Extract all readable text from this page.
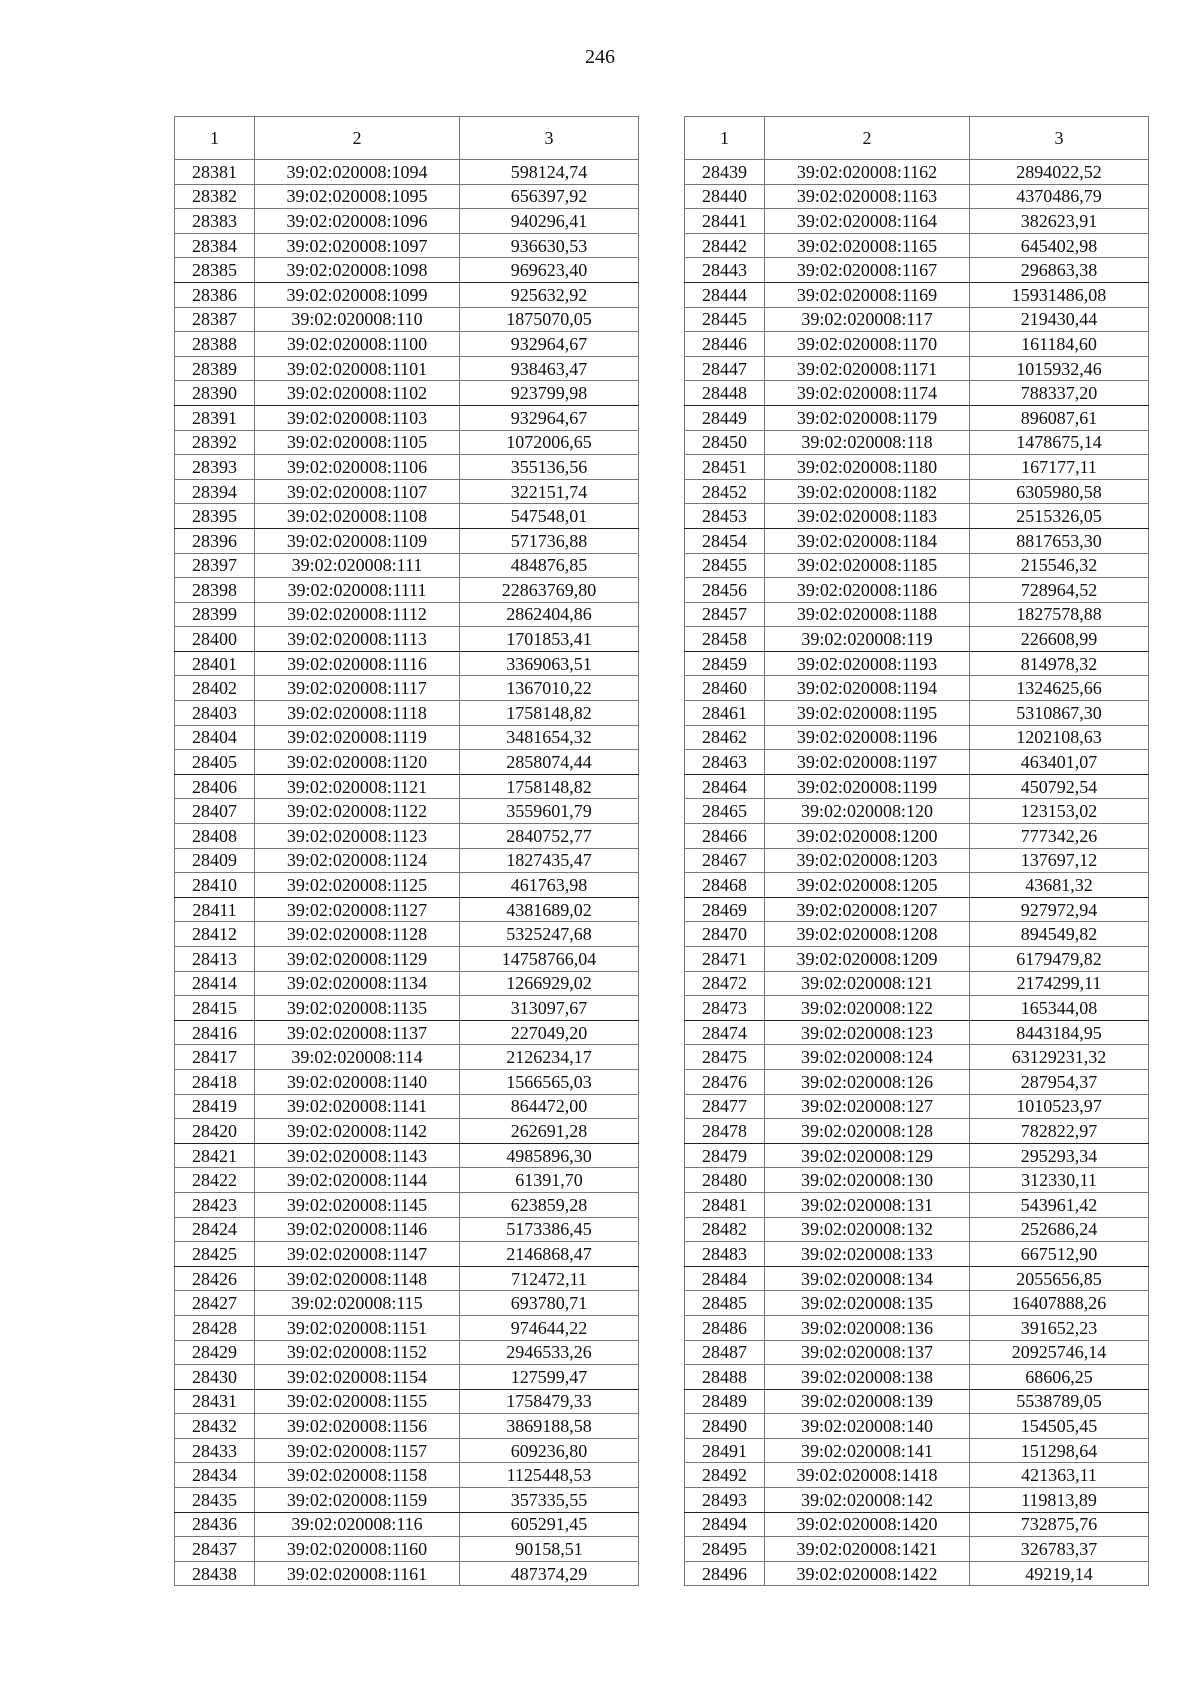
246
1	2	3
28381	39:02:020008:1094	598124,74
28382	39:02:020008:1095	656397,92
28383	39:02:020008:1096	940296,41
28384	39:02:020008:1097	936630,53
28385	39:02:020008:1098	969623,40
28386	39:02:020008:1099	925632,92
28387	39:02:020008:110	1875070,05
28388	39:02:020008:1100	932964,67
28389	39:02:020008:1101	938463,47
28390	39:02:020008:1102	923799,98
28391	39:02:020008:1103	932964,67
28392	39:02:020008:1105	1072006,65
28393	39:02:020008:1106	355136,56
28394	39:02:020008:1107	322151,74
28395	39:02:020008:1108	547548,01
28396	39:02:020008:1109	571736,88
28397	39:02:020008:111	484876,85
28398	39:02:020008:1111	22863769,80
28399	39:02:020008:1112	2862404,86
28400	39:02:020008:1113	1701853,41
28401	39:02:020008:1116	3369063,51
28402	39:02:020008:1117	1367010,22
28403	39:02:020008:1118	1758148,82
28404	39:02:020008:1119	3481654,32
28405	39:02:020008:1120	2858074,44
28406	39:02:020008:1121	1758148,82
28407	39:02:020008:1122	3559601,79
28408	39:02:020008:1123	2840752,77
28409	39:02:020008:1124	1827435,47
28410	39:02:020008:1125	461763,98
28411	39:02:020008:1127	4381689,02
28412	39:02:020008:1128	5325247,68
28413	39:02:020008:1129	14758766,04
28414	39:02:020008:1134	1266929,02
28415	39:02:020008:1135	313097,67
28416	39:02:020008:1137	227049,20
28417	39:02:020008:114	2126234,17
28418	39:02:020008:1140	1566565,03
28419	39:02:020008:1141	864472,00
28420	39:02:020008:1142	262691,28
28421	39:02:020008:1143	4985896,30
28422	39:02:020008:1144	61391,70
28423	39:02:020008:1145	623859,28
28424	39:02:020008:1146	5173386,45
28425	39:02:020008:1147	2146868,47
28426	39:02:020008:1148	712472,11
28427	39:02:020008:115	693780,71
28428	39:02:020008:1151	974644,22
28429	39:02:020008:1152	2946533,26
28430	39:02:020008:1154	127599,47
28431	39:02:020008:1155	1758479,33
28432	39:02:020008:1156	3869188,58
28433	39:02:020008:1157	609236,80
28434	39:02:020008:1158	1125448,53
28435	39:02:020008:1159	357335,55
28436	39:02:020008:116	605291,45
28437	39:02:020008:1160	90158,51
28438	39:02:020008:1161	487374,29
1	2	3
28439	39:02:020008:1162	2894022,52
28440	39:02:020008:1163	4370486,79
28441	39:02:020008:1164	382623,91
28442	39:02:020008:1165	645402,98
28443	39:02:020008:1167	296863,38
28444	39:02:020008:1169	15931486,08
28445	39:02:020008:117	219430,44
28446	39:02:020008:1170	161184,60
28447	39:02:020008:1171	1015932,46
28448	39:02:020008:1174	788337,20
28449	39:02:020008:1179	896087,61
28450	39:02:020008:118	1478675,14
28451	39:02:020008:1180	167177,11
28452	39:02:020008:1182	6305980,58
28453	39:02:020008:1183	2515326,05
28454	39:02:020008:1184	8817653,30
28455	39:02:020008:1185	215546,32
28456	39:02:020008:1186	728964,52
28457	39:02:020008:1188	1827578,88
28458	39:02:020008:119	226608,99
28459	39:02:020008:1193	814978,32
28460	39:02:020008:1194	1324625,66
28461	39:02:020008:1195	5310867,30
28462	39:02:020008:1196	1202108,63
28463	39:02:020008:1197	463401,07
28464	39:02:020008:1199	450792,54
28465	39:02:020008:120	123153,02
28466	39:02:020008:1200	777342,26
28467	39:02:020008:1203	137697,12
28468	39:02:020008:1205	43681,32
28469	39:02:020008:1207	927972,94
28470	39:02:020008:1208	894549,82
28471	39:02:020008:1209	6179479,82
28472	39:02:020008:121	2174299,11
28473	39:02:020008:122	165344,08
28474	39:02:020008:123	8443184,95
28475	39:02:020008:124	63129231,32
28476	39:02:020008:126	287954,37
28477	39:02:020008:127	1010523,97
28478	39:02:020008:128	782822,97
28479	39:02:020008:129	295293,34
28480	39:02:020008:130	312330,11
28481	39:02:020008:131	543961,42
28482	39:02:020008:132	252686,24
28483	39:02:020008:133	667512,90
28484	39:02:020008:134	2055656,85
28485	39:02:020008:135	16407888,26
28486	39:02:020008:136	391652,23
28487	39:02:020008:137	20925746,14
28488	39:02:020008:138	68606,25
28489	39:02:020008:139	5538789,05
28490	39:02:020008:140	154505,45
28491	39:02:020008:141	151298,64
28492	39:02:020008:1418	421363,11
28493	39:02:020008:142	119813,89
28494	39:02:020008:1420	732875,76
28495	39:02:020008:1421	326783,37
28496	39:02:020008:1422	49219,14
